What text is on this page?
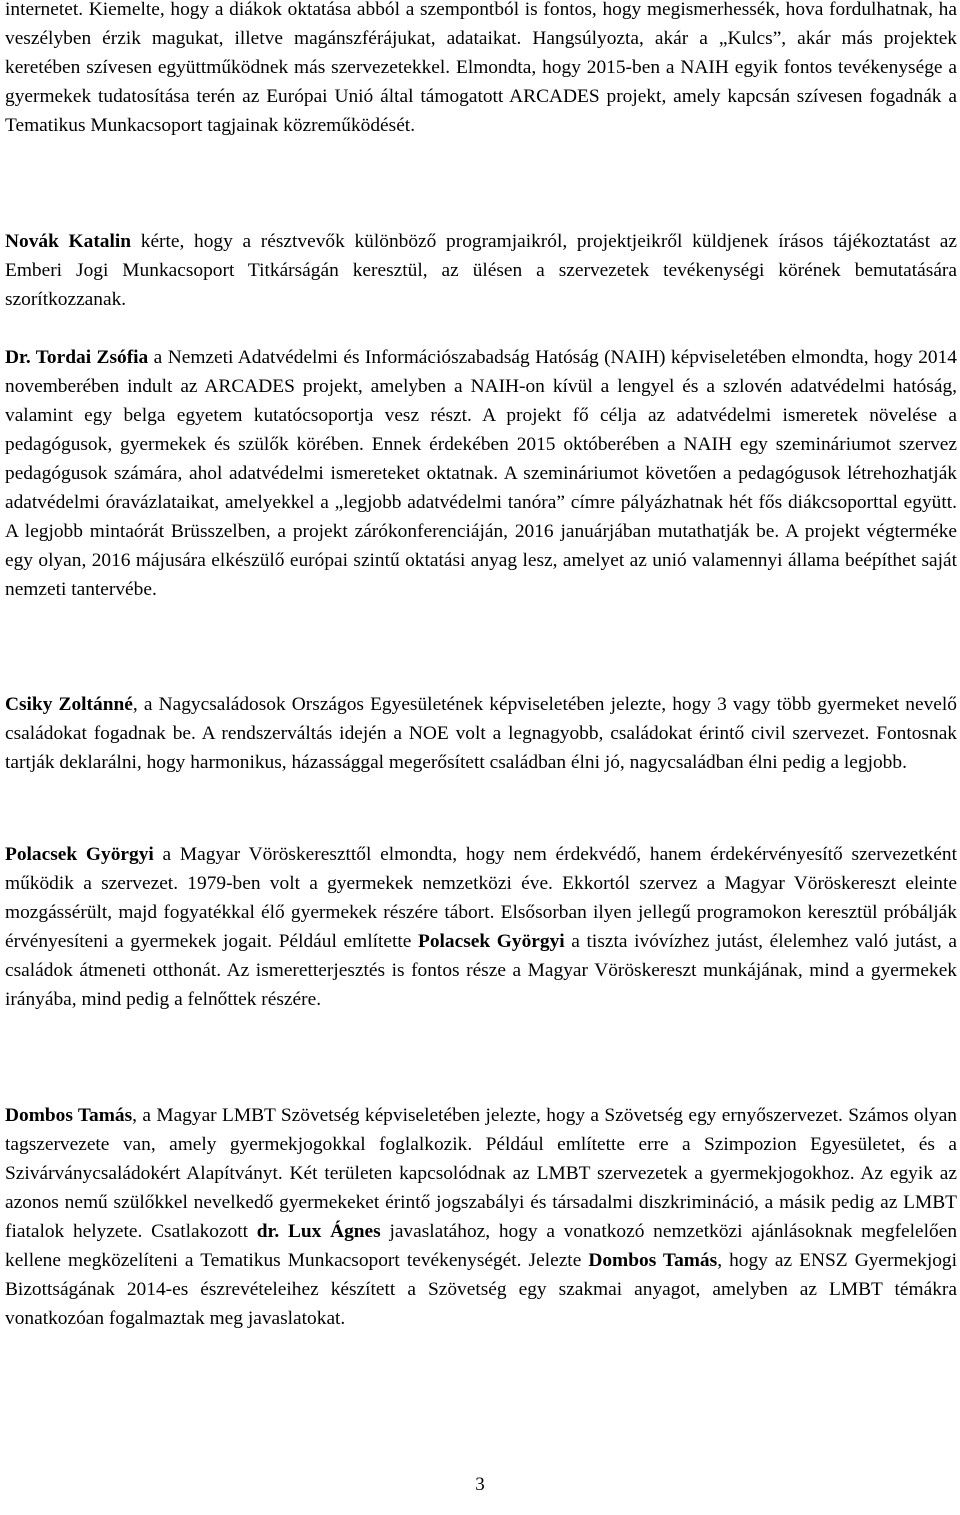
internetet. Kiemelte, hogy a diákok oktatása abból a szempontból is fontos, hogy megismerhessék, hova fordulhatnak, ha veszélyben érzik magukat, illetve magánszférájukat, adataikat. Hangsúlyozta, akár a „Kulcs”, akár más projektek keretében szívesen együttműködnek más szervezetekkel. Elmondta, hogy 2015-ben a NAIH egyik fontos tevékenysége a gyermekek tudatosítása terén az Európai Unió által támogatott ARCADES projekt, amely kapcsán szívesen fogadnák a Tematikus Munkacsoport tagjainak közreműködését.

Novák Katalin kérte, hogy a résztvevők különböző programjaikról, projektjeikről küldjenek írásos tájékoztatást az Emberi Jogi Munkacsoport Titkárságán keresztül, az ülésen a szervezetek tevékenységi körének bemutatására szorítkozzanak.

Dr. Tordai Zsófia a Nemzeti Adatvédelmi és Információszabadság Hatóság (NAIH) képviseletében elmondta, hogy 2014 novemberében indult az ARCADES projekt, amelyben a NAIH-on kívül a lengyel és a szlovén adatvédelmi hatóság, valamint egy belga egyetem kutatócsoportja vesz részt. A projekt fő célja az adatvédelmi ismeretek növelése a pedagógusok, gyermekek és szülők körében. Ennek érdekében 2015 októberében a NAIH egy szemináriumot szervez pedagógusok számára, ahol adatvédelmi ismereteket oktatnak. A szemináriumot követően a pedagógusok létrehozhatják adatvédelmi óravázlataikat, amelyekkel a „legjobb adatvédelmi tanóra” címre pályázhatnak hét fős diákcsoporttal együtt. A legjobb mintaórát Brüsszelben, a projekt zárókonferenciáján, 2016 januárjában mutathatják be. A projekt végterméke egy olyan, 2016 májusára elkészülő európai szintű oktatási anyag lesz, amelyet az unió valamennyi állama beépíthet saját nemzeti tantervébe.

Csiky Zoltánné, a Nagycsaládosok Országos Egyesületének képviseletében jelezte, hogy 3 vagy több gyermeket nevelő családokat fogadnak be. A rendszerváltás idején a NOE volt a legnagyobb, családokat érintő civil szervezet. Fontosnak tartják deklarálni, hogy harmonikus, házassággal megerősített családban élni jó, nagycsaládban élni pedig a legjobb.

Polacsek Györgyi a Magyar Vöröskereszttől elmondta, hogy nem érdekvédő, hanem érdekérvényesítő szervezetként működik a szervezet. 1979-ben volt a gyermekek nemzetközi éve. Ekkortól szervez a Magyar Vöröskereszt eleinte mozgássérült, majd fogyatékkal élő gyermekek részére tábort. Elsősorban ilyen jellegű programokon keresztül próbálják érvényesíteni a gyermekek jogait. Például említette Polacsek Györgyi a tiszta ivóvízhez jutást, élelemhez való jutást, a családok átmeneti otthonát. Az ismeretterjesztés is fontos része a Magyar Vöröskereszt munkájának, mind a gyermekek irányába, mind pedig a felnőttek részére.

Dombos Tamás, a Magyar LMBT Szövetség képviseletében jelezte, hogy a Szövetség egy ernyőszervezet. Számos olyan tagszervezete van, amely gyermekjogokkal foglalkozik. Például említette erre a Szimpozion Egyesületet, és a Szivárványcsaládokért Alapítványt. Két területen kapcsolódnak az LMBT szervezetek a gyermekjogokhoz. Az egyik az azonos nemű szülőkkel nevelkedő gyermekeket érintő jogszabályi és társadalmi diszkrimináció, a másik pedig az LMBT fiatalok helyzete. Csatlakozott dr. Lux Ágnes javaslatához, hogy a vonatkozó nemzetközi ajánlásoknak megfelelően kellene megközelíteni a Tematikus Munkacsoport tevékenységét. Jelezte Dombos Tamás, hogy az ENSZ Gyermekjogi Bizottságának 2014-es észrevételeihez készített a Szövetség egy szakmai anyagot, amelyben az LMBT témákra vonatkozóan fogalmaztak meg javaslatokat.

3
